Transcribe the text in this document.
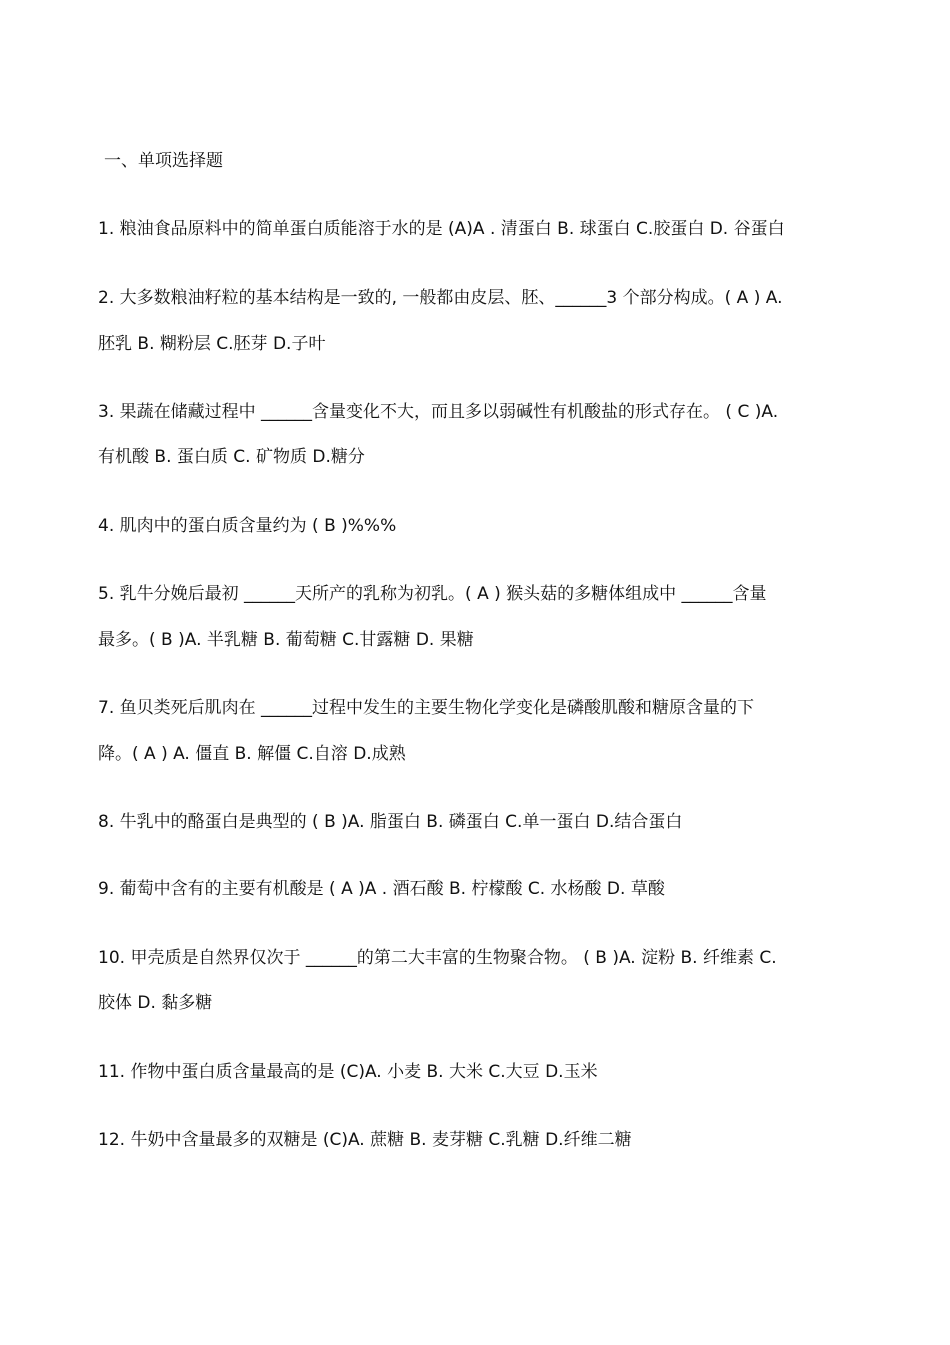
一、单项选择题
1. 粮油食品原料中的简单蛋白质能溶于水的是 (A)A . 清蛋白 B. 球蛋白 C.胶蛋白 D. 谷蛋白
2. 大多数粮油籽粒的基本结构是一致的, 一般都由皮层、胚、______3 个部分构成。( A ) A.
胚乳 B. 糊粉层 C.胚芽 D.子叶
3. 果蔬在储藏过程中 ______含量变化不大，而且多以弱碱性有机酸盐的形式存在。 ( C )A.
有机酸 B. 蛋白质 C. 矿物质 D.糖分
4. 肌肉中的蛋白质含量约为 ( B )%%%
5. 乳牛分娩后最初 ______天所产的乳称为初乳。( A ) 猴头菇的多糖体组成中 ______含量
最多。( B )A. 半乳糖 B. 葡萄糖 C.甘露糖 D. 果糖
7. 鱼贝类死后肌肉在 ______过程中发生的主要生物化学变化是磷酸肌酸和糖原含量的下
降。( A ) A. 僵直 B. 解僵 C.自溶 D.成熟
8. 牛乳中的酪蛋白是典型的 ( B )A. 脂蛋白 B. 磷蛋白 C.单一蛋白 D.结合蛋白
9. 葡萄中含有的主要有机酸是 ( A )A . 酒石酸 B. 柠檬酸 C. 水杨酸 D. 草酸
10. 甲壳质是自然界仅次于 ______的第二大丰富的生物聚合物。 ( B )A. 淀粉 B. 纤维素 C.
胶体 D. 黏多糖
11. 作物中蛋白质含量最高的是 (C)A. 小麦 B. 大米 C.大豆 D.玉米
12. 牛奶中含量最多的双糖是 (C)A. 蔗糖 B. 麦芽糖 C.乳糖 D.纤维二糖
